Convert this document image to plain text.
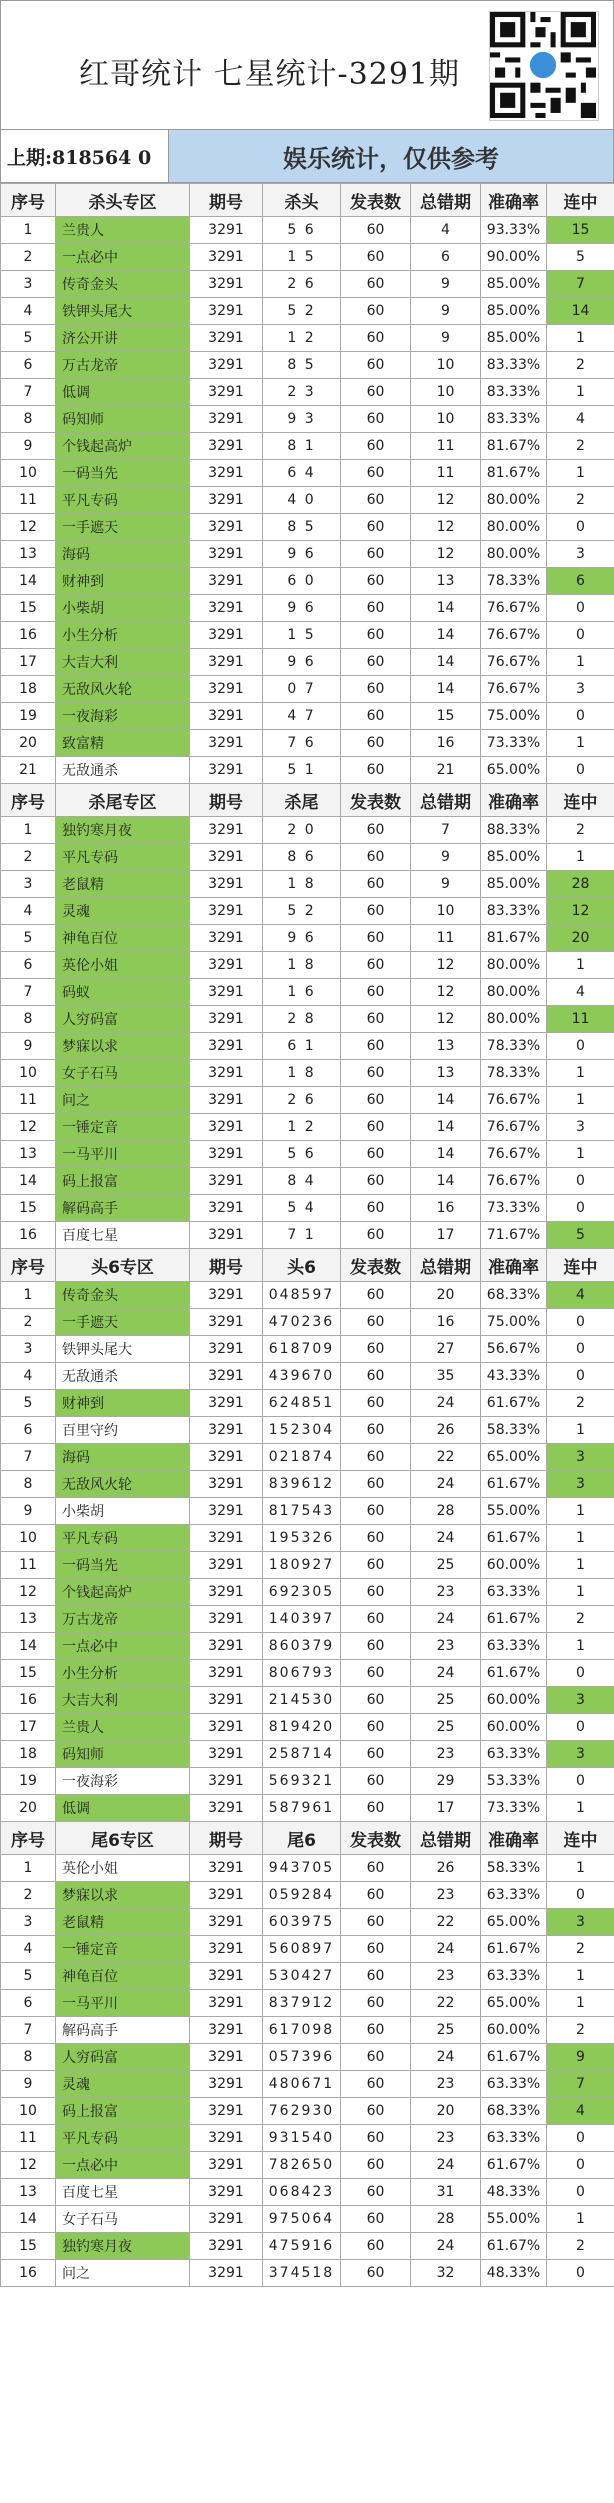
红哥统计 七星统计-3291期
上期:818564 0	娱乐统计，仅供参考
序号	杀头专区	期号	杀头	发表数	总错期	准确率	连中
1	兰贵人	3291	5 6	60	4	93.33%	15
2	一点必中	3291	1 5	60	6	90.00%	5
3	传奇金头	3291	2 6	60	9	85.00%	7
4	铁钾头尾大	3291	5 2	60	9	85.00%	14
5	济公开讲	3291	1 2	60	9	85.00%	1
6	万古龙帝	3291	8 5	60	10	83.33%	2
7	低调	3291	2 3	60	10	83.33%	1
8	码知师	3291	9 3	60	10	83.33%	4
9	个钱起高炉	3291	8 1	60	11	81.67%	2
10	一码当先	3291	6 4	60	11	81.67%	1
11	平凡专码	3291	4 0	60	12	80.00%	2
12	一手遮天	3291	8 5	60	12	80.00%	0
13	海码	3291	9 6	60	12	80.00%	3
14	财神到	3291	6 0	60	13	78.33%	6
15	小柴胡	3291	9 6	60	14	76.67%	0
16	小生分析	3291	1 5	60	14	76.67%	0
17	大吉大利	3291	9 6	60	14	76.67%	1
18	无敌风火轮	3291	0 7	60	14	76.67%	3
19	一夜海彩	3291	4 7	60	15	75.00%	0
20	致富精	3291	7 6	60	16	73.33%	1
21	无敌通杀	3291	5 1	60	21	65.00%	0
序号	杀尾专区	期号	杀尾	发表数	总错期	准确率	连中
1	独钓寒月夜	3291	2 0	60	7	88.33%	2
2	平凡专码	3291	8 6	60	9	85.00%	1
3	老鼠精	3291	1 8	60	9	85.00%	28
4	灵魂	3291	5 2	60	10	83.33%	12
5	神龟百位	3291	9 6	60	11	81.67%	20
6	英伦小姐	3291	1 8	60	12	80.00%	1
7	码蚁	3291	1 6	60	12	80.00%	4
8	人穷码富	3291	2 8	60	12	80.00%	11
9	梦寐以求	3291	6 1	60	13	78.33%	0
10	女子石马	3291	1 8	60	13	78.33%	1
11	问之	3291	2 6	60	14	76.67%	1
12	一锤定音	3291	1 2	60	14	76.67%	3
13	一马平川	3291	5 6	60	14	76.67%	1
14	码上报富	3291	8 4	60	14	76.67%	0
15	解码高手	3291	5 4	60	16	73.33%	0
16	百度七星	3291	7 1	60	17	71.67%	5
序号	头6专区	期号	头6	发表数	总错期	准确率	连中
1	传奇金头	3291	048597	60	20	68.33%	4
2	一手遮天	3291	470236	60	16	75.00%	0
3	铁钾头尾大	3291	618709	60	27	56.67%	0
4	无敌通杀	3291	439670	60	35	43.33%	0
5	财神到	3291	624851	60	24	61.67%	2
6	百里守约	3291	152304	60	26	58.33%	1
7	海码	3291	021874	60	22	65.00%	3
8	无敌风火轮	3291	839612	60	24	61.67%	3
9	小柴胡	3291	817543	60	28	55.00%	1
10	平凡专码	3291	195326	60	24	61.67%	1
11	一码当先	3291	180927	60	25	60.00%	1
12	个钱起高炉	3291	692305	60	23	63.33%	1
13	万古龙帝	3291	140397	60	24	61.67%	2
14	一点必中	3291	860379	60	23	63.33%	1
15	小生分析	3291	806793	60	24	61.67%	0
16	大吉大利	3291	214530	60	25	60.00%	3
17	兰贵人	3291	819420	60	25	60.00%	0
18	码知师	3291	258714	60	23	63.33%	3
19	一夜海彩	3291	569321	60	29	53.33%	0
20	低调	3291	587961	60	17	73.33%	1
序号	尾6专区	期号	尾6	发表数	总错期	准确率	连中
1	英伦小姐	3291	943705	60	26	58.33%	1
2	梦寐以求	3291	059284	60	23	63.33%	0
3	老鼠精	3291	603975	60	22	65.00%	3
4	一锤定音	3291	560897	60	24	61.67%	2
5	神龟百位	3291	530427	60	23	63.33%	1
6	一马平川	3291	837912	60	22	65.00%	1
7	解码高手	3291	617098	60	25	60.00%	2
8	人穷码富	3291	057396	60	24	61.67%	9
9	灵魂	3291	480671	60	23	63.33%	7
10	码上报富	3291	762930	60	20	68.33%	4
11	平凡专码	3291	931540	60	23	63.33%	0
12	一点必中	3291	782650	60	24	61.67%	0
13	百度七星	3291	068423	60	31	48.33%	0
14	女子石马	3291	975064	60	28	55.00%	1
15	独钓寒月夜	3291	475916	60	24	61.67%	2
16	问之	3291	374518	60	32	48.33%	0
